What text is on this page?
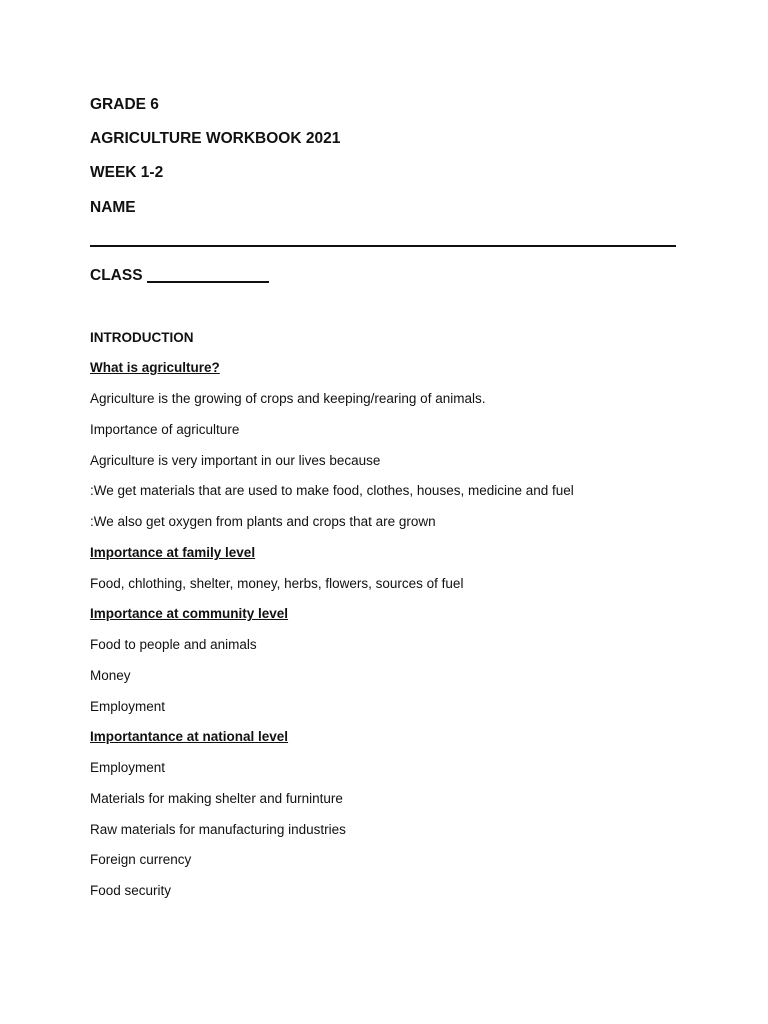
GRADE 6
AGRICULTURE WORKBOOK 2021
WEEK 1-2
NAME
CLASS
INTRODUCTION
What is agriculture?
Agriculture is the growing of crops and keeping/rearing of animals.
Importance of agriculture
Agriculture is very important in our lives because
:We get materials that are used to make food, clothes, houses, medicine and fuel
:We also get oxygen from plants and crops that are grown
Importance at family level
Food, chlothing, shelter, money, herbs, flowers, sources of fuel
Importance at community level
Food to people and animals
Money
Employment
Importantance at national level
Employment
Materials for making shelter and furninture
Raw materials for manufacturing industries
Foreign currency
Food security
